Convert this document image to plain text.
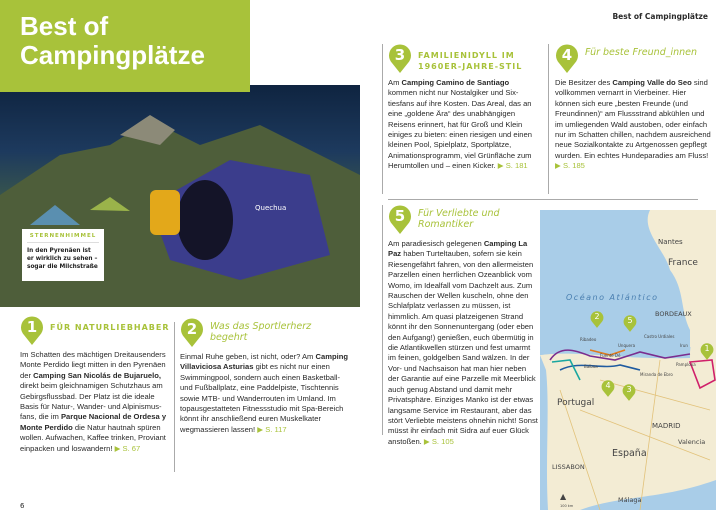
Quechua
Best of
Campingplätze
STERNENHIMMEL
In den Pyrenäen ist er wirklich zu sehen – sogar die Milchstraße
Best of Campingplätze
1	FÜR NATURLIEBHABER
Im Schatten des mächtigen Dreitausenders Monte Perdido liegt mitten in den Pyrenäen der Camping San Nicolás de Bujaruelo, direkt beim gleichnamigen Schutzhaus am Gebirgsflussbad. Der Platz ist die ideale Basis für Natur-, Wander- und Alpinismusfans, die im Parque Nacional de Ordesa y Monte Perdido die Natur hautnah spüren wollen. Aufwachen, Kaffee trinken, Proviant einpacken und loswandern! ▶ S. 67
2	Was das Sportlerherz begehrt
Einmal Ruhe geben, ist nicht, oder? Am Camping Villaviciosa Asturias gibt es nicht nur einen Swimmingpool, sondern auch einen Basketball- und Fußballplatz, eine Paddelpiste, Tischtennis sowie MTB- und Wanderrouten im Umland. Im topausgestatteten Fitnessstudio mit Spa-Bereich könnt ihr anschließend euren Muskelkater wegmassieren lassen! ▶ S. 117
3	FAMILIENIDYLL IM 1960ER-JAHRE-STIL
Am Camping Camino de Santiago kommen nicht nur Nostalgiker und Sixtiesfans auf ihre Kosten. Das Areal, das an eine „goldene Ära“ des unabhängigen Reisens erinnert, hat für Groß und Klein einiges zu bieten: einen riesigen und einen kleinen Pool, Spielplatz, Sportplätze, Animationsprogramm, viel Grünfläche zum Herumtollen und – einen Kicker. ▶ S. 181
4	Für beste Freund_innen
Die Besitzer des Camping Valle do Seo sind vollkommen vernarrt in Vierbeiner. Hier können sich eure „besten Freunde (und Freundinnen)“ am Flussstrand abkühlen und im umliegenden Wald austoben, oder einfach nur im Schatten chillen, nachdem ausreichend neue Sozialkontakte zu Artgenossen gepflegt wurden. Ein echtes Hundeparadies am Fluss! ▶ S. 185
5	Für Verliebte und Romantiker
Am paradiesisch gelegenen Camping La Paz haben Turteltauben, sofern sie kein Riesengefährt fahren, von den allermeisten Parzellen einen herrlichen Ozeanblick vom Womo, im Idealfall vom Dachzelt aus. Zum Rauschen der Wellen kuscheln, ohne den Schlafplatz verlassen zu müssen, ist himmlich. Am quasi platzeigenen Strand könnt ihr den Sonnenuntergang (oder eben den Aufgang!) genießen, euch übermütig in die Atlantikwellen stürzen und fest umarmt im feinen, goldgelben Sand wälzen. In der Vor- und Nachsaison hat man hier neben der Garantie auf eine Parzelle mit Meerblick auch genug Abstand und damit mehr Privatsphäre. Einziges Manko ist der etwas langsame Service im Restaurant, aber das stört Verliebte meistens ohnehin nicht! Sonst müsst ihr einfach mit Sidra auf euer Glück anstoßen. ▶ S. 105
6
Nantes
France
Océano Atlántico
BORDEAUX
Ribadeo
Unquera
Castro Urdiales
Irun
Fuente Dé
Pamplona
Balboa
Miranda de Ebro
Portugal
MADRID
Valencia
España
LISSABON
Málaga
▲
100 km
2	5
1
4	3
